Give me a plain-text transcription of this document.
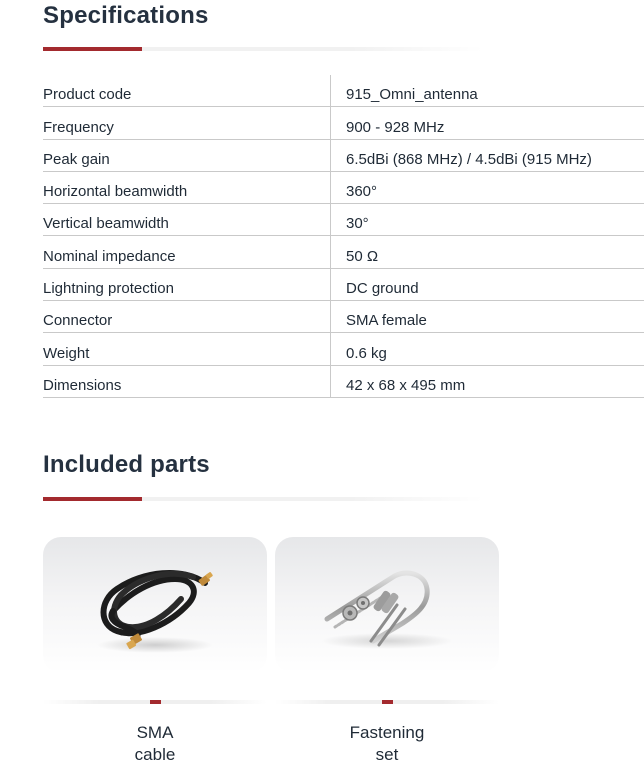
Specifications
Product code	915_Omni_antenna
Frequency	900 - 928 MHz
Peak gain	6.5dBi (868 MHz) / 4.5dBi (915 MHz)
Horizontal beamwidth	360°
Vertical beamwidth	30°
Nominal impedance	50 Ω
Lightning protection	DC ground
Connector	SMA female
Weight	0.6 kg
Dimensions	42 x 68 x 495 mm
Included parts
SMA
cable
Fastening
set
